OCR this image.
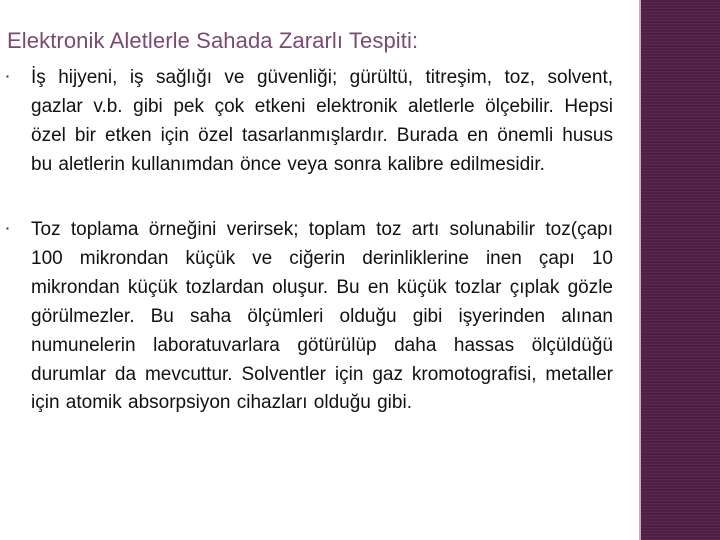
Elektronik Aletlerle Sahada Zararlı Tespiti:
▪ İş hijyeni, iş sağlığı ve güvenliği; gürültü, titreşim, toz, solvent, gazlar v.b. gibi pek çok etkeni elektronik aletlerle ölçebilir. Hepsi özel bir etken için özel tasarlanmışlardır. Burada en önemli husus bu aletlerin kullanımdan önce veya sonra kalibre edilmesidir.
▪ Toz toplama örneğini verirsek; toplam toz artı solunabilir toz(çapı 100 mikrondan küçük ve ciğerin derinliklerine inen çapı 10 mikrondan küçük tozlardan oluşur. Bu en küçük tozlar çıplak gözle görülmezler. Bu saha ölçümleri olduğu gibi işyerinden alınan numunelerin laboratuvarlara götürülüp daha hassas ölçüldüğü durumlar da mevcuttur. Solventler için gaz kromotografisi, metaller için atomik absorpsiyon cihazları olduğu gibi.
